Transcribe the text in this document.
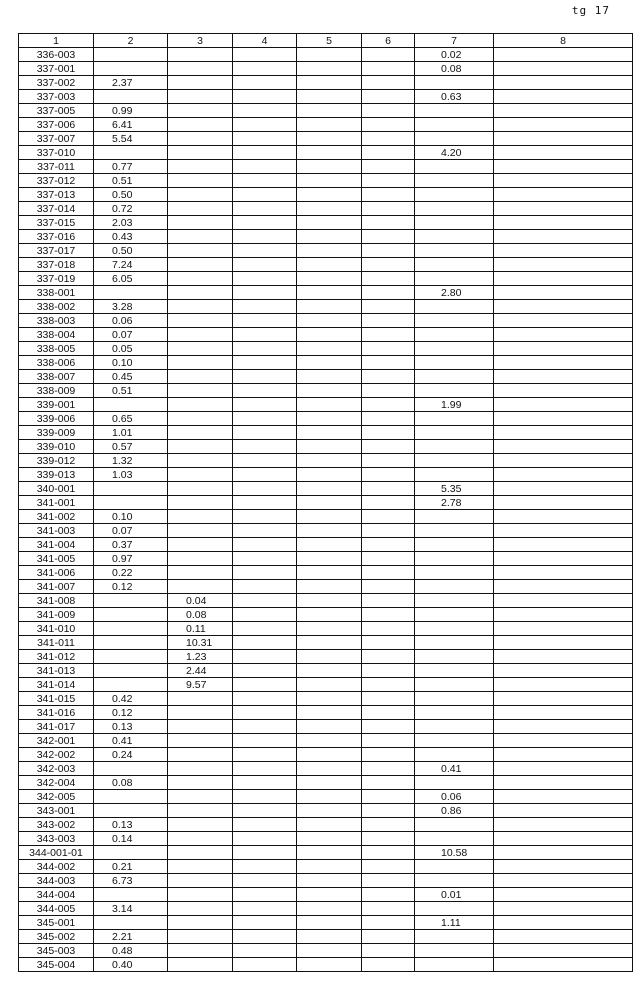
tg 17
1	2	3	4	5	6	7	8
336-003						0.02	
337-001						0.08	
337-002	2.37						
337-003						0.63	
337-005	0.99						
337-006	6.41						
337-007	5.54						
337-010						4.20	
337-011	0.77						
337-012	0.51						
337-013	0.50						
337-014	0.72						
337-015	2.03						
337-016	0.43						
337-017	0.50						
337-018	7.24						
337-019	6.05						
338-001						2.80	
338-002	3.28						
338-003	0.06						
338-004	0.07						
338-005	0.05						
338-006	0.10						
338-007	0.45						
338-009	0.51						
339-001						1.99	
339-006	0.65						
339-009	1.01						
339-010	0.57						
339-012	1.32						
339-013	1.03						
340-001						5.35	
341-001						2.78	
341-002	0.10						
341-003	0.07						
341-004	0.37						
341-005	0.97						
341-006	0.22						
341-007	0.12						
341-008		0.04					
341-009		0.08					
341-010		0.11					
341-011		10.31					
341-012		1.23					
341-013		2.44					
341-014		9.57					
341-015	0.42						
341-016	0.12						
341-017	0.13						
342-001	0.41						
342-002	0.24						
342-003						0.41	
342-004	0.08						
342-005						0.06	
343-001						0.86	
343-002	0.13						
343-003	0.14						
344-001-01						10.58	
344-002	0.21						
344-003	6.73						
344-004						0.01	
344-005	3.14						
345-001						1.11	
345-002	2.21						
345-003	0.48						
345-004	0.40						
